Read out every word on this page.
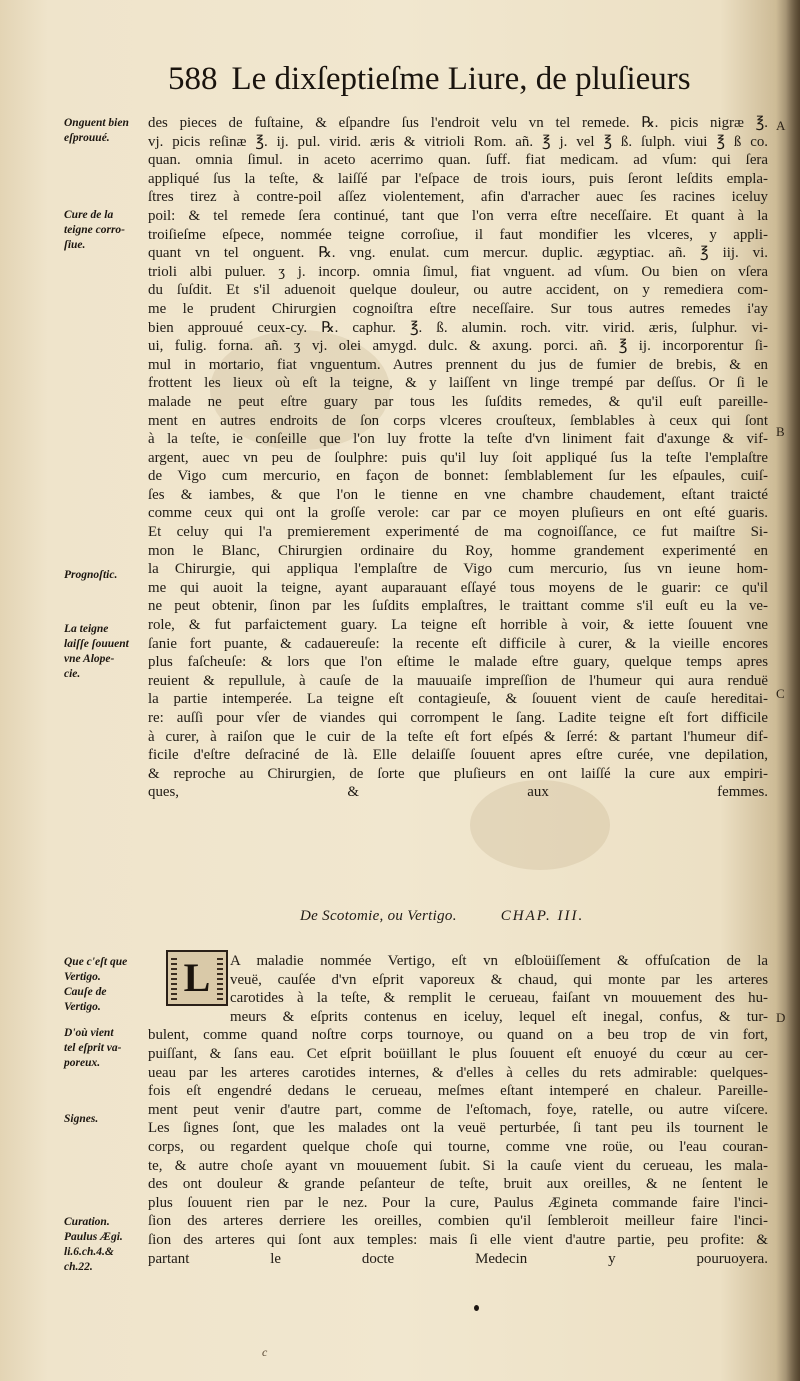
588 Le dixſeptieſme Liure, de pluſieurs
des pieces de fuſtaine, & eſpandre ſus l'endroit velu vn tel remede. ℞. picis nigræ ℥.
vj. picis reſinæ ℥. ij. pul. virid. æris & vitrioli Rom. añ. ℥ j. vel ℥ ß. ſulph. viui ℥ ß co.
quan. omnia ſimul. in aceto acerrimo quan. ſuff. fiat medicam. ad vſum: qui ſera
appliqué ſus la teſte, & laiſſé par l'eſpace de trois iours, puis ſeront leſdits empla-
ſtres tirez à contre-poil aſſez violentement, afin d'arracher auec ſes racines iceluy
poil: & tel remede ſera continué, tant que l'on verra eſtre neceſſaire. Et quant à la
troiſieſme eſpece, nommée teigne corroſiue, il faut mondifier les vlceres, y appli-
quant vn tel onguent. ℞. vng. enulat. cum mercur. duplic. ægyptiac. añ. ℥ iij. vi.
trioli albi puluer. ʒ j. incorp. omnia ſimul, fiat vnguent. ad vſum. Ou bien on vſera
du ſuſdit. Et s'il aduenoit quelque douleur, ou autre accident, on y remediera com-
me le prudent Chirurgien cognoiſtra eſtre neceſſaire. Sur tous autres remedes i'ay
bien approuué ceux-cy. ℞. caphur. ℥. ß. alumin. roch. vitr. virid. æris, ſulphur. vi-
ui, fulig. forna. añ. ʒ vj. olei amygd. dulc. & axung. porci. añ. ℥ ij. incorporentur ſi-
mul in mortario, fiat vnguentum. Autres prennent du jus de fumier de brebis, & en
frottent les lieux où eſt la teigne, & y laiſſent vn linge trempé par deſſus. Or ſi le
malade ne peut eſtre guary par tous les ſuſdits remedes, & qu'il euſt pareille-
ment en autres endroits de ſon corps vlceres crouſteux, ſemblables à ceux qui ſont
à la teſte, ie conſeille que l'on luy frotte la teſte d'vn liniment fait d'axunge & vif-
argent, auec vn peu de ſoulphre: puis qu'il luy ſoit appliqué ſus la teſte l'emplaſtre
de Vigo cum mercurio, en façon de bonnet: ſemblablement ſur les eſpaules, cuiſ-
ſes & iambes, & que l'on le tienne en vne chambre chaudement, eſtant traicté
comme ceux qui ont la groſſe verole: car par ce moyen pluſieurs en ont eſté guaris.
Et celuy qui l'a premierement experimenté de ma cognoiſſance, ce fut maiſtre Si-
mon le Blanc, Chirurgien ordinaire du Roy, homme grandement experimenté en
la Chirurgie, qui appliqua l'emplaſtre de Vigo cum mercurio, ſus vn ieune hom-
me qui auoit la teigne, ayant auparauant eſſayé tous moyens de le guarir: ce qu'il
ne peut obtenir, ſinon par les ſuſdits emplaſtres, le traittant comme s'il euſt eu la ve-
role, & fut parfaictement guary. La teigne eſt horrible à voir, & iette ſouuent vne
ſanie fort puante, & cadauereuſe: la recente eſt difficile à curer, & la vieille encores
plus faſcheuſe: & lors que l'on eſtime le malade eſtre guary, quelque temps apres
reuient & repullule, à cauſe de la mauuaiſe impreſſion de l'humeur qui aura renduë
la partie intemperée. La teigne eſt contagieuſe, & ſouuent vient de cauſe hereditai-
re: auſſi pour vſer de viandes qui corrompent le ſang. Ladite teigne eſt fort difficile
à curer, à raiſon que le cuir de la teſte eſt fort eſpés & ſerré: & partant l'humeur dif-
ficile d'eſtre deſraciné de là. Elle delaiſſe ſouuent apres eſtre curée, vne depilation,
& reproche au Chirurgien, de ſorte que pluſieurs en ont laiſſé la cure aux empiri-
ques, & aux femmes.
Onguent bien
eſprouué.
Cure de la
teigne corro-
ſiue.
Prognoſtic.
La teigne
laiſſe ſouuent
vne Alope-
cie.
Que c'eſt que
Vertigo.
Cauſe de
Vertigo.
D'où vient
tel eſprit va-
poreux.
Signes.
Curation.
Paulus Ægi.
li.6.ch.4.&
ch.22.
A
B
C
D
De Scotomie, ou Vertigo.	CHAP. III.
L	A maladie nommée Vertigo, eſt vn eſbloüiſſement & offuſcation de la
veuë, cauſée d'vn eſprit vaporeux & chaud, qui monte par les arteres
carotides à la teſte, & remplit le cerueau, faiſant vn mouuement des hu-
meurs & eſprits contenus en iceluy, lequel eſt inegal, confus, & tur-
bulent, comme quand noſtre corps tournoye, ou quand on a beu trop de vin fort,
puiſſant, & ſans eau. Cet eſprit boüillant le plus ſouuent eſt enuoyé du cœur au cer-
ueau par les arteres carotides internes, & d'elles à celles du rets admirable: quelques-
fois eſt engendré dedans le cerueau, meſmes eſtant intemperé en chaleur. Pareille-
ment peut venir d'autre part, comme de l'eſtomach, foye, ratelle, ou autre viſcere.
Les ſignes ſont, que les malades ont la veuë perturbée, ſi tant peu ils tournent le
corps, ou regardent quelque choſe qui tourne, comme vne roüe, ou l'eau couran-
te, & autre choſe ayant vn mouuement ſubit. Si la cauſe vient du cerueau, les mala-
des ont douleur & grande peſanteur de teſte, bruit aux oreilles, & ne ſentent le
plus ſouuent rien par le nez. Pour la cure, Paulus Ægineta commande faire l'inci-
ſion des arteres derriere les oreilles, combien qu'il ſembleroit meilleur faire l'inci-
ſion des arteres qui ſont aux temples: mais ſi elle vient d'autre partie, peu profite: &
partant le docte Medecin y pouruoyera.
c
